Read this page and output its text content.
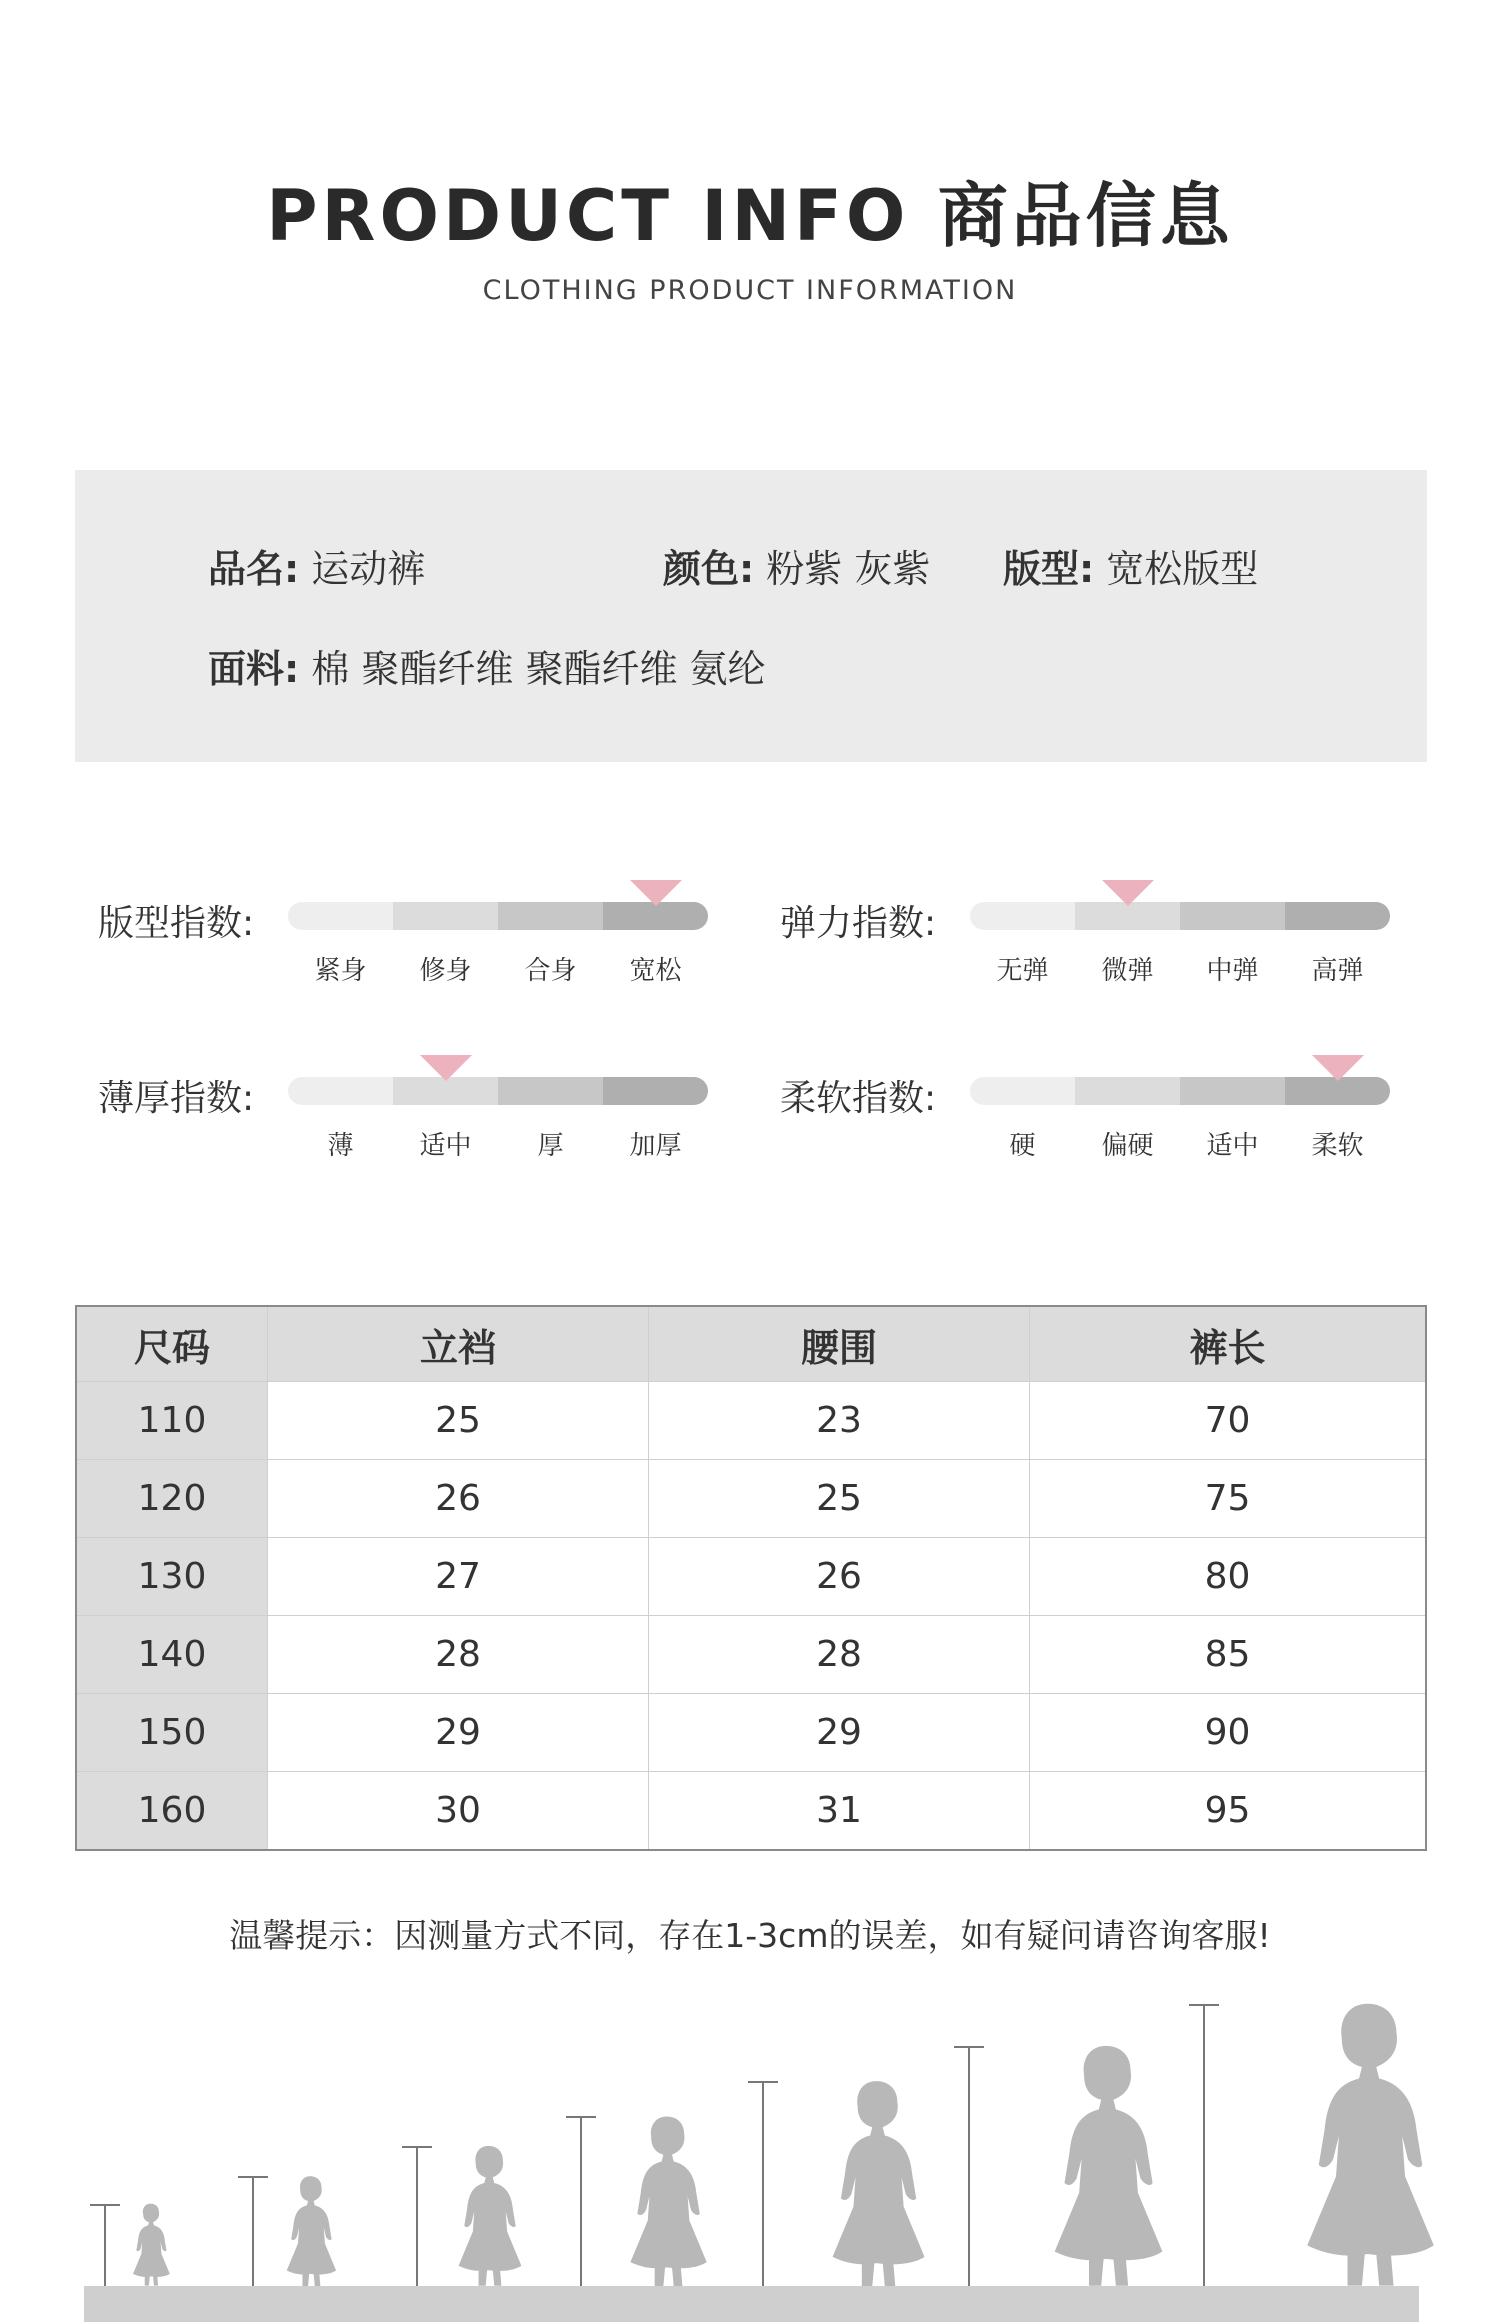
PRODUCT INFO 商品信息
CLOTHING PRODUCT INFORMATION
品名: 运动裤	颜色: 粉紫 灰紫 版型: 宽松版型
面料: 棉 聚酯纤维 聚酯纤维 氨纶
版型指数:
紧身	修身	合身	宽松
弹力指数:
无弹	微弹	中弹	高弹
薄厚指数:
薄	适中	厚	加厚
柔软指数:
硬	偏硬	适中	柔软
尺码	立裆	腰围	裤长
110	25	23	70
120	26	25	75
130	27	26	80
140	28	28	85
150	29	29	90
160	30	31	95
温馨提示：因测量方式不同，存在1-3cm的误差，如有疑问请咨询客服!
